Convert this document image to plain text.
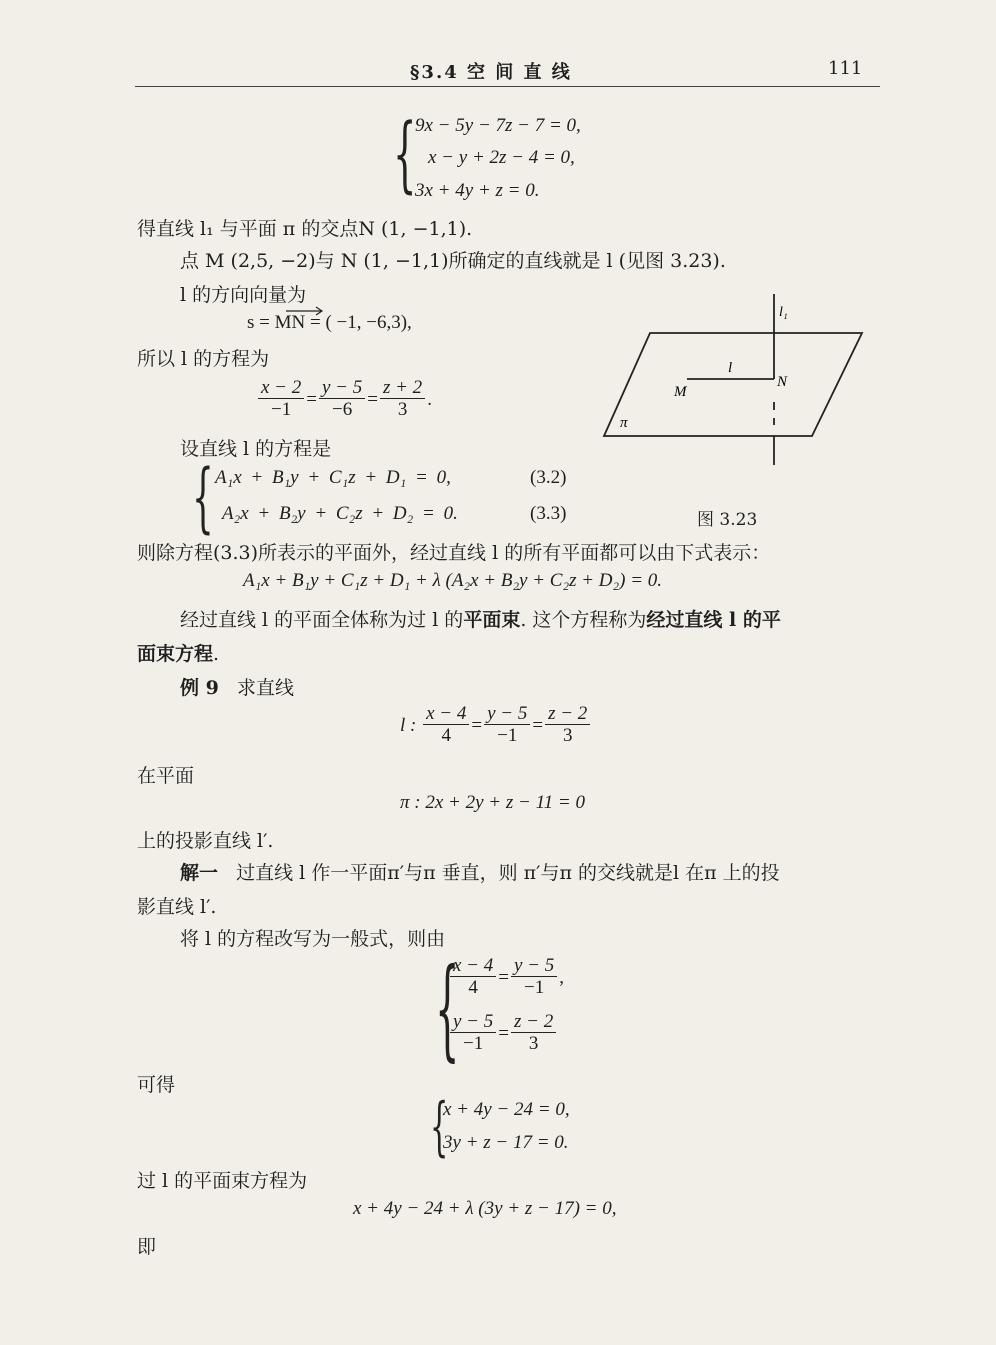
§3.4 空 间 直 线	111
{
9x − 5y − 7z − 7 = 0,
x − y + 2z − 4 = 0,
3x + 4y + z = 0.
得直线 l₁ 与平面 π 的交点N (1, −1,1).
点 M (2,5, −2)与 N (1, −1,1)所确定的直线就是 l (见图 3.23).
l 的方向向量为
s = MN = ( −1, −6,3),
所以 l 的方程为
$\frac{x - 2}{-1} = \frac{y - 5}{-6} = \frac{z + 2}{3}$ .
设直线 l 的方程是
{ A₁x + B₁y + C₁z + D₁ = 0,	(3.2)
A₂x + B₂y + C₂z + D₂ = 0.	(3.3)
l₁
l
M
N
π
图 3.23
则除方程(3.3)所表示的平面外，经过直线 l 的所有平面都可以由下式表示：
A₁x + B₁y + C₁z + D₁ + λ (A₂x + B₂y + C₂z + D₂) = 0.
经过直线 l 的平面全体称为过 l 的平面束. 这个方程称为经过直线 l 的平
面束方程.
例 9 求直线
l : $\frac{x - 4}{4} = \frac{y - 5}{-1} = \frac{z - 2}{3}$
在平面
π : 2x + 2y + z − 11 = 0
上的投影直线 l′.
解一 过直线 l 作一平面π′与π 垂直，则 π′与π 的交线就是l 在π 上的投
影直线 l′.
将 l 的方程改写为一般式，则由
{
$\frac{x - 4}{4} = \frac{y - 5}{-1}$ ,
$\frac{y - 5}{-1} = \frac{z - 2}{3}$
可得
{
x + 4y − 24 = 0,
3y + z − 17 = 0.
过 l 的平面束方程为
x + 4y − 24 + λ (3y + z − 17) = 0,
即
